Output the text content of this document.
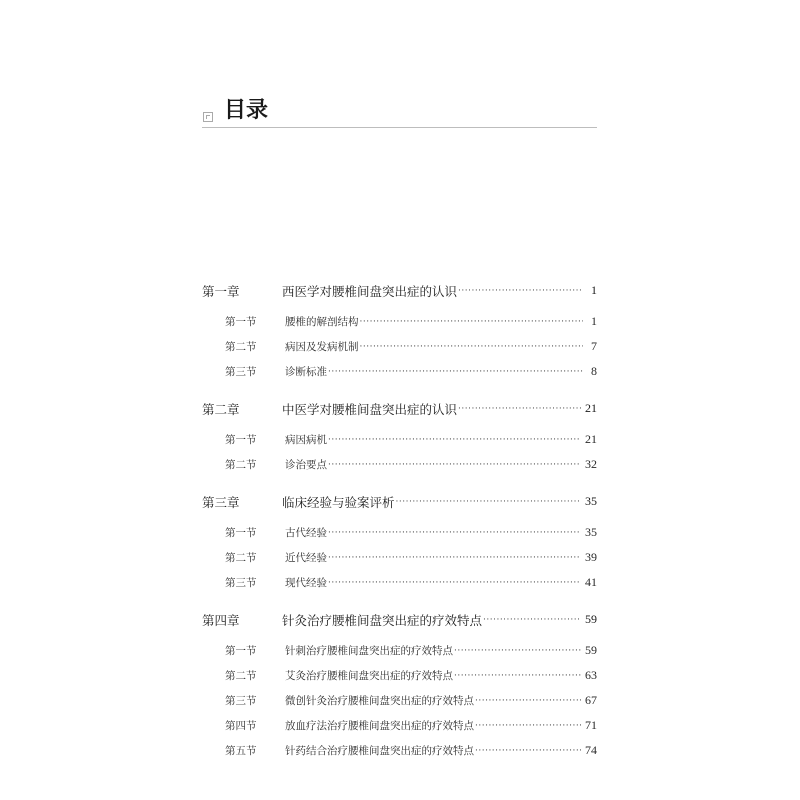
目录
第一章	西医学对腰椎间盘突出症的认识 ·····	1
第一节	腰椎的解剖结构 ·····	1
第二节	病因及发病机制 ·····	7
第三节	诊断标准 ·····	8
第二章	中医学对腰椎间盘突出症的认识 ·····	21
第一节	病因病机 ·····	21
第二节	诊治要点 ·····	32
第三章	临床经验与验案评析 ·····	35
第一节	古代经验 ·····	35
第二节	近代经验 ·····	39
第三节	现代经验 ·····	41
第四章	针灸治疗腰椎间盘突出症的疗效特点 ·····	59
第一节	针刺治疗腰椎间盘突出症的疗效特点 ·····	59
第二节	艾灸治疗腰椎间盘突出症的疗效特点 ·····	63
第三节	微创针灸治疗腰椎间盘突出症的疗效特点 ·····	67
第四节	放血疗法治疗腰椎间盘突出症的疗效特点 ·····	71
第五节	针药结合治疗腰椎间盘突出症的疗效特点 ·····	74
